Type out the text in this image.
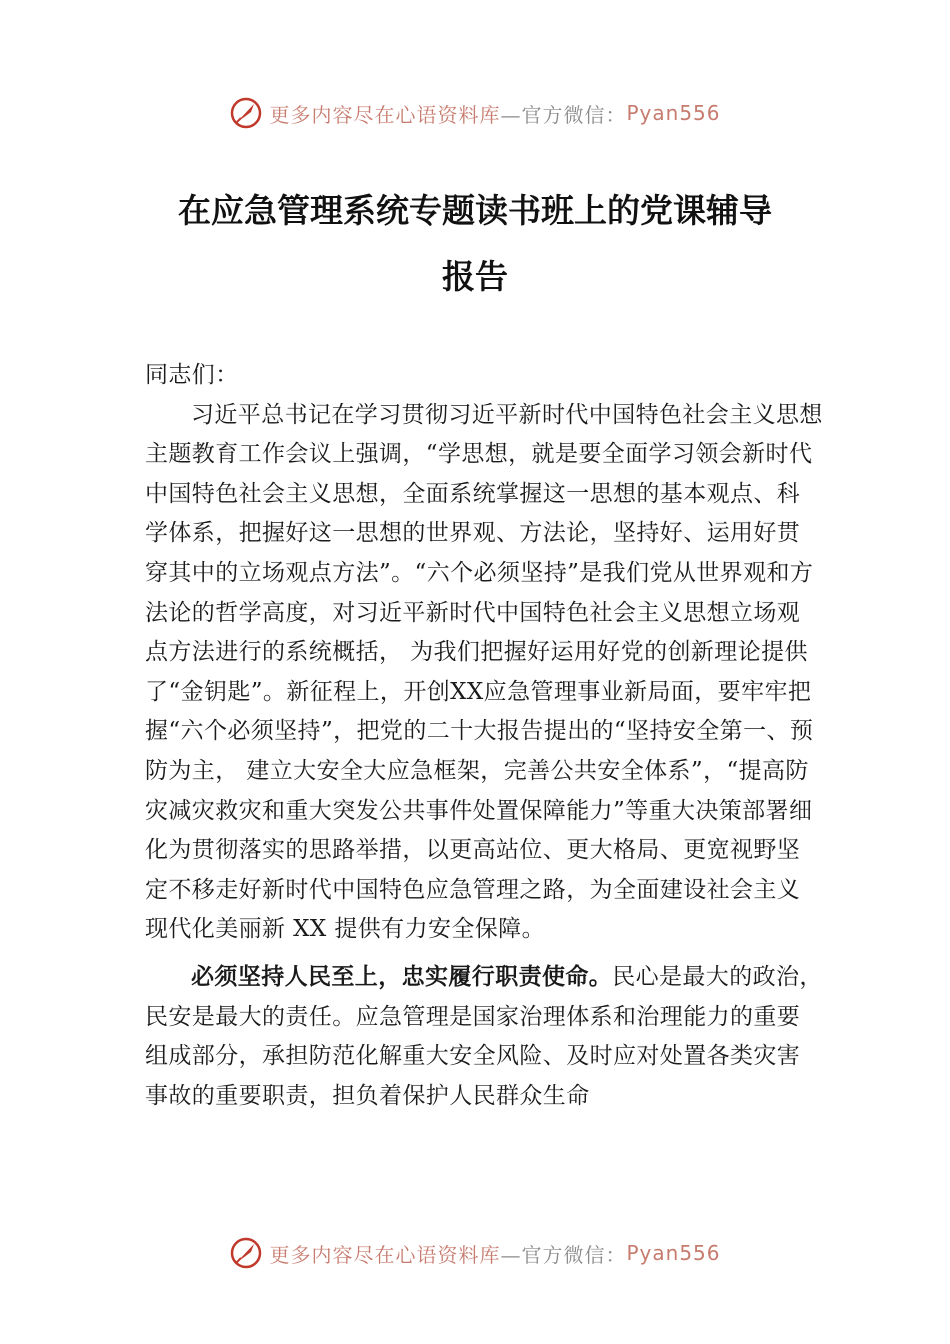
更多内容尽在心语资料库 —官方微信： Pyan556
在应急管理系统专题读书班上的党课辅导
报告

同志们：

习近平总书记在学习贯彻习近平新时代中国特色社会主义思想主题教育工作会议上强调，“学思想，就是要全面学习领会新时代中国特色社会主义思想，全面系统掌握这一思想的基本观点、科学体系，把握好这一思想的世界观、方法论，坚持好、运用好贯穿其中的立场观点方法”。“六个必须坚持”是我们党从世界观和方法论的哲学高度，对习近平新时代中国特色社会主义思想立场观点方法进行的系统概括， 为我们把握好运用好党的创新理论提供了“金钥匙”。新征程上，开创XX应急管理事业新局面，要牢牢把握“六个必须坚持”，把党的二十大报告提出的“坚持安全第一、预防为主， 建立大安全大应急框架，完善公共安全体系”，“提高防灾减灾救灾和重大突发公共事件处置保障能力”等重大决策部署细化为贯彻落实的思路举措，以更高站位、更大格局、更宽视野坚定不移走好新时代中国特色应急管理之路，为全面建设社会主义现代化美丽新 XX 提供有力安全保障。

必须坚持人民至上，忠实履行职责使命。民心是最大的政治，民安是最大的责任。应急管理是国家治理体系和治理能力的重要组成部分，承担防范化解重大安全风险、及时应对处置各类灾害事故的重要职责，担负着保护人民群众生命

更多内容尽在心语资料库 —官方微信： Pyan556
